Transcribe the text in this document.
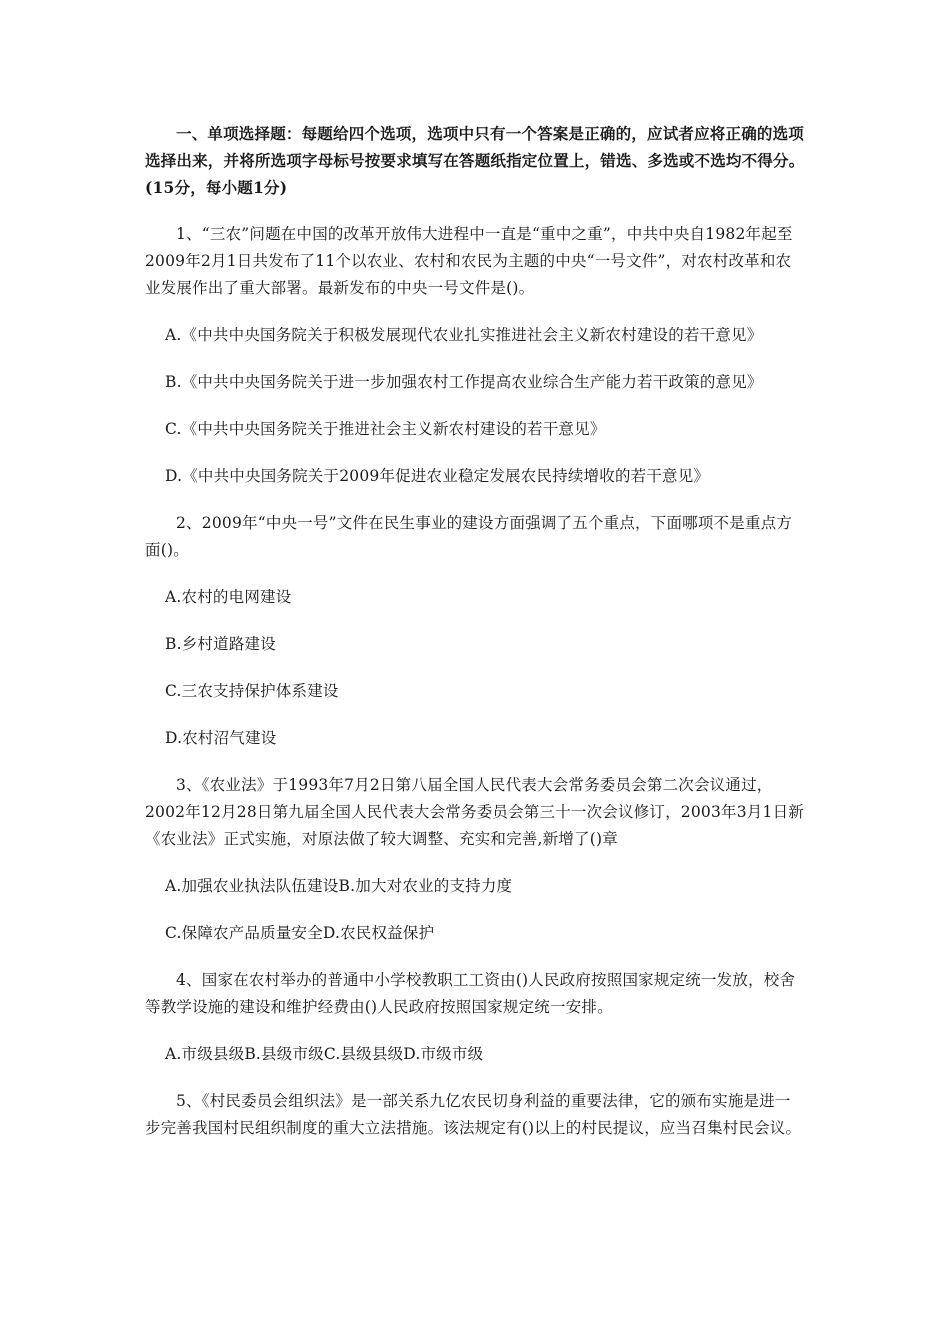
一、单项选择题：每题给四个选项，选项中只有一个答案是正确的，应试者应将正确的选项选择出来，并将所选项字母标号按要求填写在答题纸指定位置上，错选、多选或不选均不得分。(15分，每小题1分)

1、“三农”问题在中国的改革开放伟大进程中一直是“重中之重”，中共中央自1982年起至2009年2月1日共发布了11个以农业、农村和农民为主题的中央“一号文件”，对农村改革和农业发展作出了重大部署。最新发布的中央一号文件是()。

A.《中共中央国务院关于积极发展现代农业扎实推进社会主义新农村建设的若干意见》

B.《中共中央国务院关于进一步加强农村工作提高农业综合生产能力若干政策的意见》

C.《中共中央国务院关于推进社会主义新农村建设的若干意见》

D.《中共中央国务院关于2009年促进农业稳定发展农民持续增收的若干意见》

2、2009年“中央一号”文件在民生事业的建设方面强调了五个重点，下面哪项不是重点方面()。

A.农村的电网建设

B.乡村道路建设

C.三农支持保护体系建设

D.农村沼气建设

3、《农业法》于1993年7月2日第八届全国人民代表大会常务委员会第二次会议通过，2002年12月28日第九届全国人民代表大会常务委员会第三十一次会议修订，2003年3月1日新《农业法》正式实施，对原法做了较大调整、充实和完善,新增了()章

A.加强农业执法队伍建设B.加大对农业的支持力度

C.保障农产品质量安全D.农民权益保护

4、国家在农村举办的普通中小学校教职工工资由()人民政府按照国家规定统一发放，校舍等教学设施的建设和维护经费由()人民政府按照国家规定统一安排。

A.市级县级B.县级市级C.县级县级D.市级市级

5、《村民委员会组织法》是一部关系九亿农民切身利益的重要法律，它的颁布实施是进一步完善我国村民组织制度的重大立法措施。该法规定有()以上的村民提议，应当召集村民会议。
